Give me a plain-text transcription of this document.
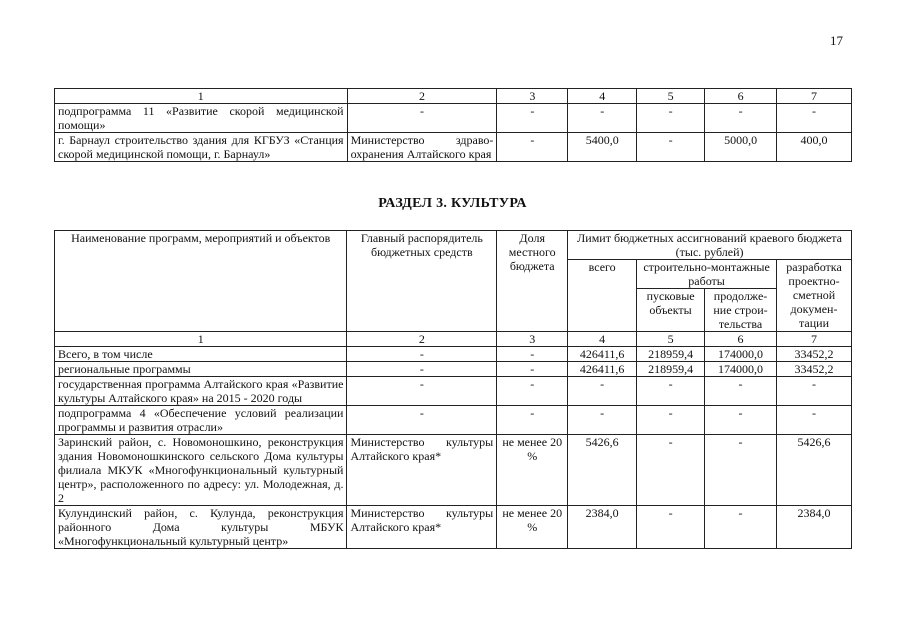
17
1	2	3	4	5	6	7
подпрограмма 11 «Развитие скорой медицинской помощи»	-	-	-	-	-	-
г. Барнаул строительство здания для КГБУЗ «Станция скорой медицинской помощи, г. Барнаул»	Министерство здраво-охранения Алтайского края	-	5400,0	-	5000,0	400,0
РАЗДЕЛ 3. КУЛЬТУРА
Наименование программ, мероприятий и объектов	Главный распорядитель бюджетных средств	Доля местного бюджета	Лимит бюджетных ассигнований краевого бюджета (тыс. рублей)			
			всего	строительно-монтажные работы		разработка проектно-сметной докумен-тации
				пусковые объекты	продолже-ние строи-тельства	
1	2	3	4	5	6	7
Всего, в том числе	-	-	426411,6	218959,4	174000,0	33452,2
региональные программы	-	-	426411,6	218959,4	174000,0	33452,2
государственная программа Алтайского края «Развитие культуры Алтайского края» на 2015 - 2020 годы	-	-	-	-	-	-
подпрограмма 4 «Обеспечение условий реализации программы и развития отрасли»	-	-	-	-	-	-
Заринский район, с. Новомоношкино, реконструкция здания Новомоношкинского сельского Дома культуры филиала МКУК «Многофункциональный культурный центр», расположенного по адресу: ул. Молодежная, д. 2	Министерство культуры Алтайского края*	не менее 20 %	5426,6	-	-	5426,6
Кулундинский район, с. Кулунда, реконструкция районного Дома культуры МБУК «Многофункциональный культурный центр»	Министерство культуры Алтайского края*	не менее 20 %	2384,0	-	-	2384,0
